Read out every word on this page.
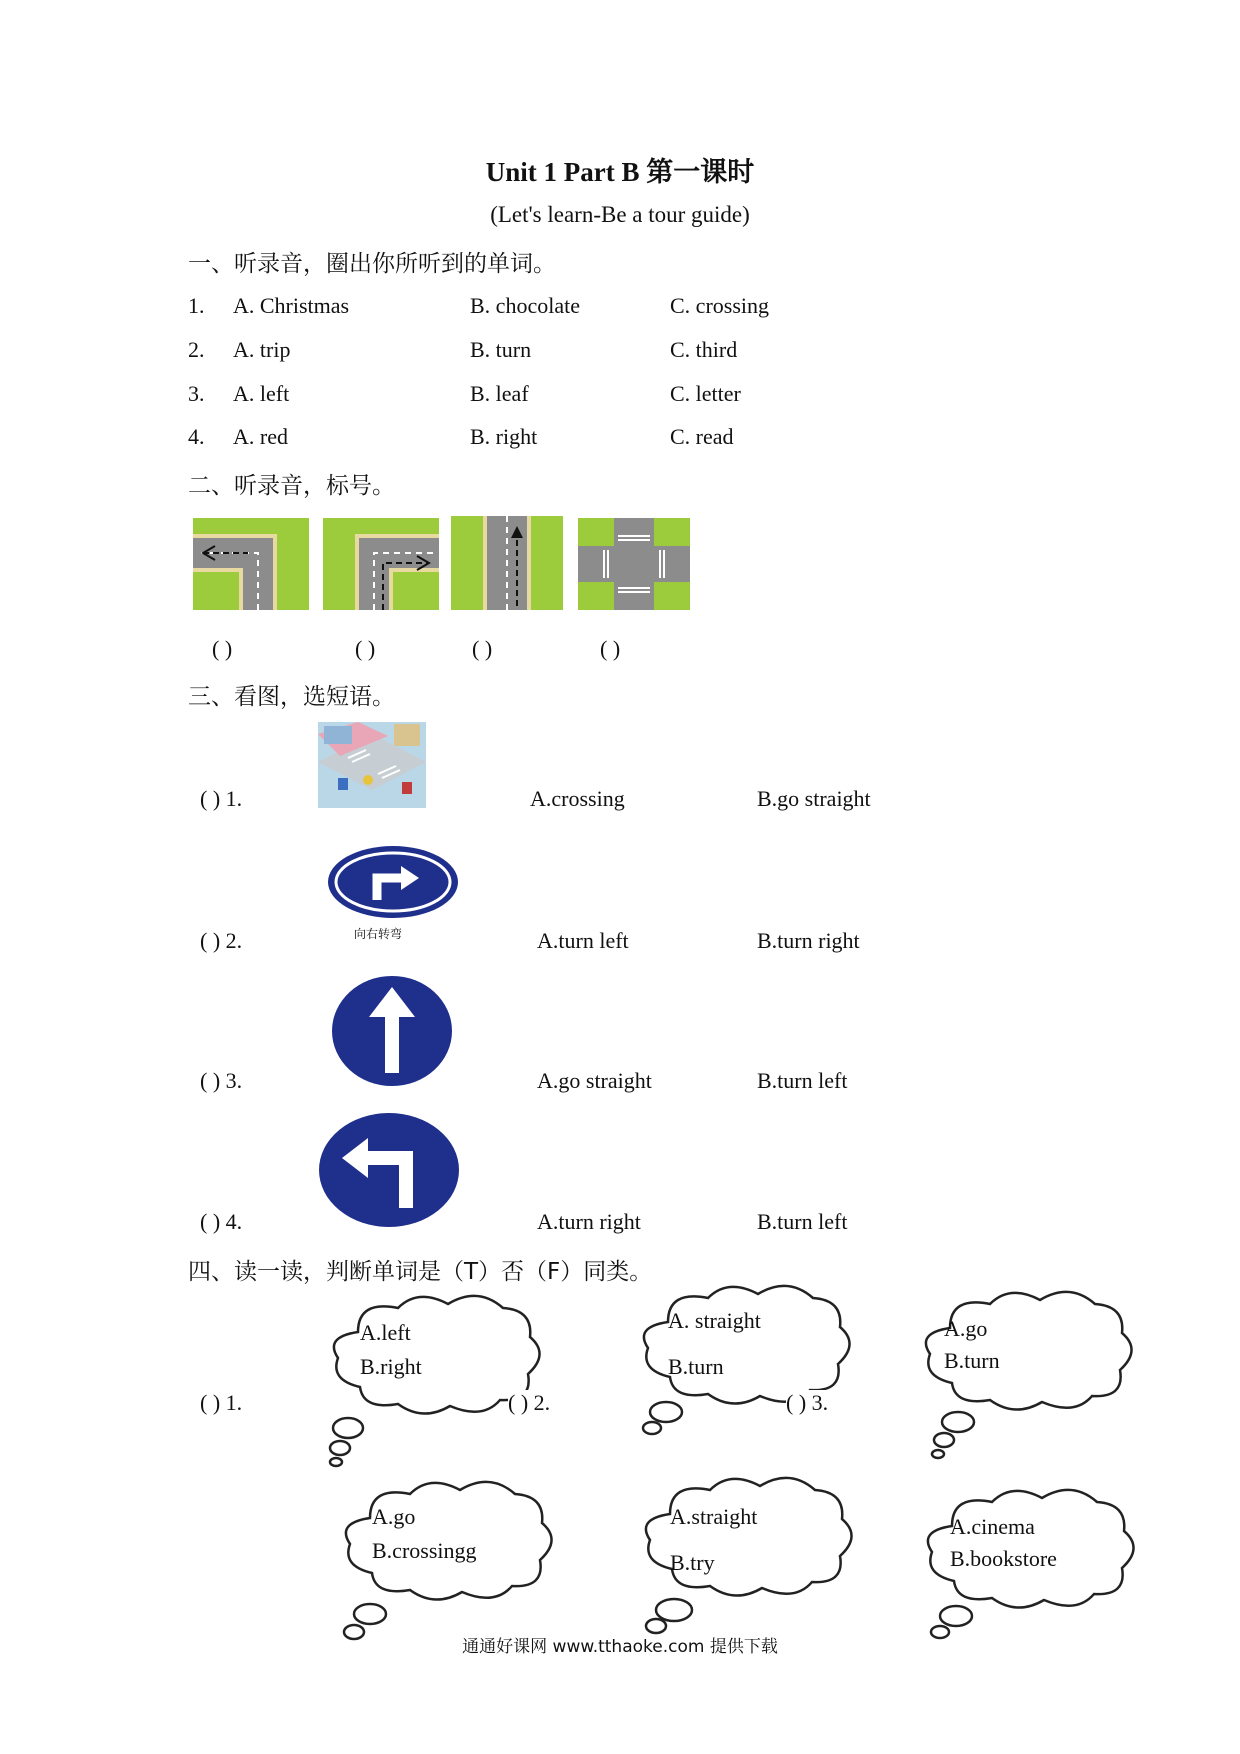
Unit 1 Part B 第一课时
(Let's learn-Be a tour guide)
一、听录音，圈出你所听到的单词。
1. A. Christmas	B. chocolate	C. crossing
2. A. trip	B. turn	C. third
3. A. left	B. leaf	C. letter
4. A. red	B. right	C. read
二、听录音，标号。
( )	( )	( )	( )
三、看图，选短语。
( ) 1.	A.crossing	B.go straight
向右转弯
( ) 2.	A.turn left	B.turn right
( ) 3.	A.go straight	B.turn left
( ) 4.	A.turn right	B.turn left
四、读一读，判断单词是（T）否（F）同类。
A.left
B.right
A. straight
B.turn
A.go
B.turn
A.go
B.crossingg
A.straight
B.try
A.cinema
B.bookstore
( ) 1.	( ) 2.	( ) 3.
通通好课网 www.tthaoke.com 提供下载
